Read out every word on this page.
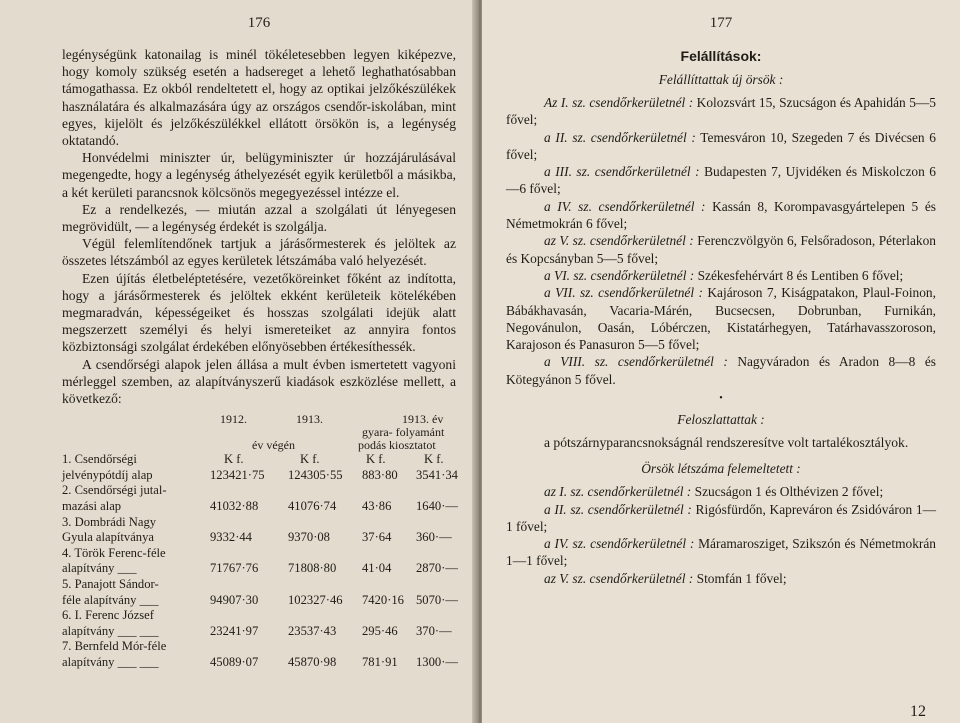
176

legénységünk katonailag is minél tökéletesebben legyen kiképezve, hogy komoly szükség esetén a hadsereget a lehető leghathatósabban támogathassa. Ez okból rendeltetett el, hogy az optikai jelzőkészülékek használatára és alkalmazására úgy az országos csendőr-iskolában, mint egyes, kijelölt és jelzőkészülékkel ellátott örsökön is, a legénység oktatandó.

Honvédelmi miniszter úr, belügyminiszter úr hozzájárulásával megengedte, hogy a legénység áthelyezését egyik kerületből a másikba, a két kerületi parancsnok kölcsönös megegyezéssel intézze el.

Ez a rendelkezés, — miután azzal a szolgálati út lényegesen megrövidült, — a legénység érdekét is szolgálja.

Végül felemlítendőnek tartjuk a járásőrmesterek és jelöltek az összetes létszámból az egyes kerületek létszámába való helyezését.

Ezen újítás életbeléptetésére, vezetőköreinket főként az indította, hogy a járásőrmesterek és jelöltek ekként kerületeik kötelékében megmaradván, képességeiket és hosszas szolgálati idejük alatt megszerzett személyi és helyi ismereteiket az annyira fontos közbiztonsági szolgálat érdekében előnyösebben értékesíthessék.

A csendőrségi alapok jelen állása a mult évben ismertetett vagyoni mérleggel szemben, az alapítványszerű kiadások eszközlése mellett, a következő:

1912.	1913.	1913. év
gyara- folyamánt
év végén	podás kiosztatot
1. Csendőrségi	K f.	K f.	K f.	K f.
jelvénypótdíj alap	123421·75 124305·55 883·80 3541·34
2. Csendőrségi jutal-
mazási alap	41032·88 41076·74 43·86 1640·—
3. Dombrádi Nagy
Gyula alapítványa	9332·44	9370·08	37·64 360·—
4. Török Ferenc-féle
alapítvány ___	71767·76 71808·80 41·04 2870·—
5. Panajott Sándor-
féle alapítvány ___	94907·30 102327·46 7420·16 5070·—
6. I. Ferenc József
alapítvány ___ ___	23241·97 23537·43 295·46 370·—
7. Bernfeld Mór-féle
alapítvány ___ ___	45089·07 45870·98 781·91 1300·—
177
Felállítások:
Felállíttattak új örsök :

Az I. sz. csendőrkerületnél : Kolozsvárt 15, Szucságon és Apahidán 5—5 fővel;

a II. sz. csendőrkerületnél : Temesváron 10, Szegeden 7 és Divécsen 6 fővel;

a III. sz. csendőrkerületnél : Budapesten 7, Ujvidéken és Miskolczon 6—6 fővel;

a IV. sz. csendőrkerületnél : Kassán 8, Korompavasgyártelepen 5 és Németmokrán 6 fővel;

az V. sz. csendőrkerületnél : Ferenczvölgyön 6, Felsőradoson, Péterlakon és Kopcsányban 5—5 fővel;

a VI. sz. csendőrkerületnél : Székesfehérvárt 8 és Lentiben 6 fővel;

a VII. sz. csendőrkerületnél : Kajároson 7, Kiságpatakon, Plaul-Foinon, Bábákhavasán, Vacaria-Márén, Bucsecsen, Dobrunban, Furnikán, Negovánulon, Oasán, Lóbérczen, Kistatárhegyen, Tatárhavasszoroson, Karajoson és Panasuron 5—5 fővel;

a VIII. sz. csendőrkerületnél : Nagyváradon és Aradon 8—8 és Kötegyánon 5 fővel.

•
Feloszlattattak :

a pótszárnyparancsnokságnál rendszeresítve volt tartalékosztályok.

Örsök létszáma felemeltetett :

az I. sz. csendőrkerületnél : Szucságon 1 és Olthévizen 2 fővel;

a II. sz. csendőrkerületnél : Rigósfürdőn, Kapreváron és Zsidóváron 1—1 fővel;

a IV. sz. csendőrkerületnél : Máramarosziget, Szikszón és Németmokrán 1—1 fővel;

az V. sz. csendőrkerületnél : Stomfán 1 fővel;

12
